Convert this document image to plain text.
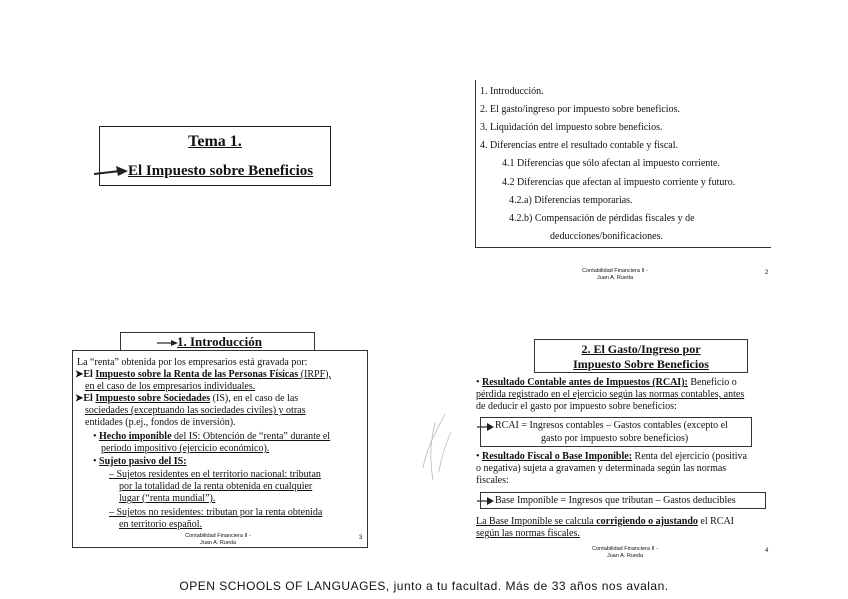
Tema 1.
El Impuesto sobre Beneficios
1. Introducción.
2. El gasto/ingreso por impuesto sobre beneficios.
3. Liquidación del impuesto sobre beneficios.
4. Diferencias entre el resultado contable y fiscal.
4.1 Diferencias que sólo afectan al impuesto corriente.
4.2 Diferencias que afectan al impuesto corriente y futuro.
4.2.a) Diferencias temporarias.
4.2.b) Compensación de pérdidas fiscales y de
deducciones/bonificaciones.
Contabilidad Financiera II -
Juan A. Rueda
2
1. Introducción
La “renta” obtenida por los empresarios está gravada por:
➤El Impuesto sobre la Renta de las Personas Físicas (IRPF),
en el caso de los empresarios individuales.
➤El Impuesto sobre Sociedades (IS), en el caso de las
sociedades (exceptuando las sociedades civiles) y otras
entidades (p.ej., fondos de inversión).
• Hecho imponible del IS: Obtención de “renta” durante el
periodo impositivo (ejercicio económico).
• Sujeto pasivo del IS:
– Sujetos residentes en el territorio nacional: tributan
por la totalidad de la renta obtenida en cualquier
lugar (“renta mundial”).
– Sujetos no residentes: tributan por la renta obtenida
en territorio español.
Contabilidad Financiera II -
Juan A. Rueda
3
2. El Gasto/Ingreso por
Impuesto Sobre Beneficios
• Resultado Contable antes de Impuestos (RCAI): Beneficio o
pérdida registrado en el ejercicio según las normas contables, antes
de deducir el gasto por impuesto sobre beneficios:
RCAI = Ingresos contables – Gastos contables (excepto el
gasto por impuesto sobre beneficios)
• Resultado Fiscal o Base Imponible: Renta del ejercicio (positiva
o negativa) sujeta a gravamen y determinada según las normas
fiscales:
Base Imponible = Ingresos que tributan – Gastos deducibles
La Base Imponible se calcula corrigiendo o ajustando el RCAI
según las normas fiscales.
Contabilidad Financiera II -
Juan A. Rueda
4
OPEN SCHOOLS OF LANGUAGES, junto a tu facultad. Más de 33 años nos avalan.
